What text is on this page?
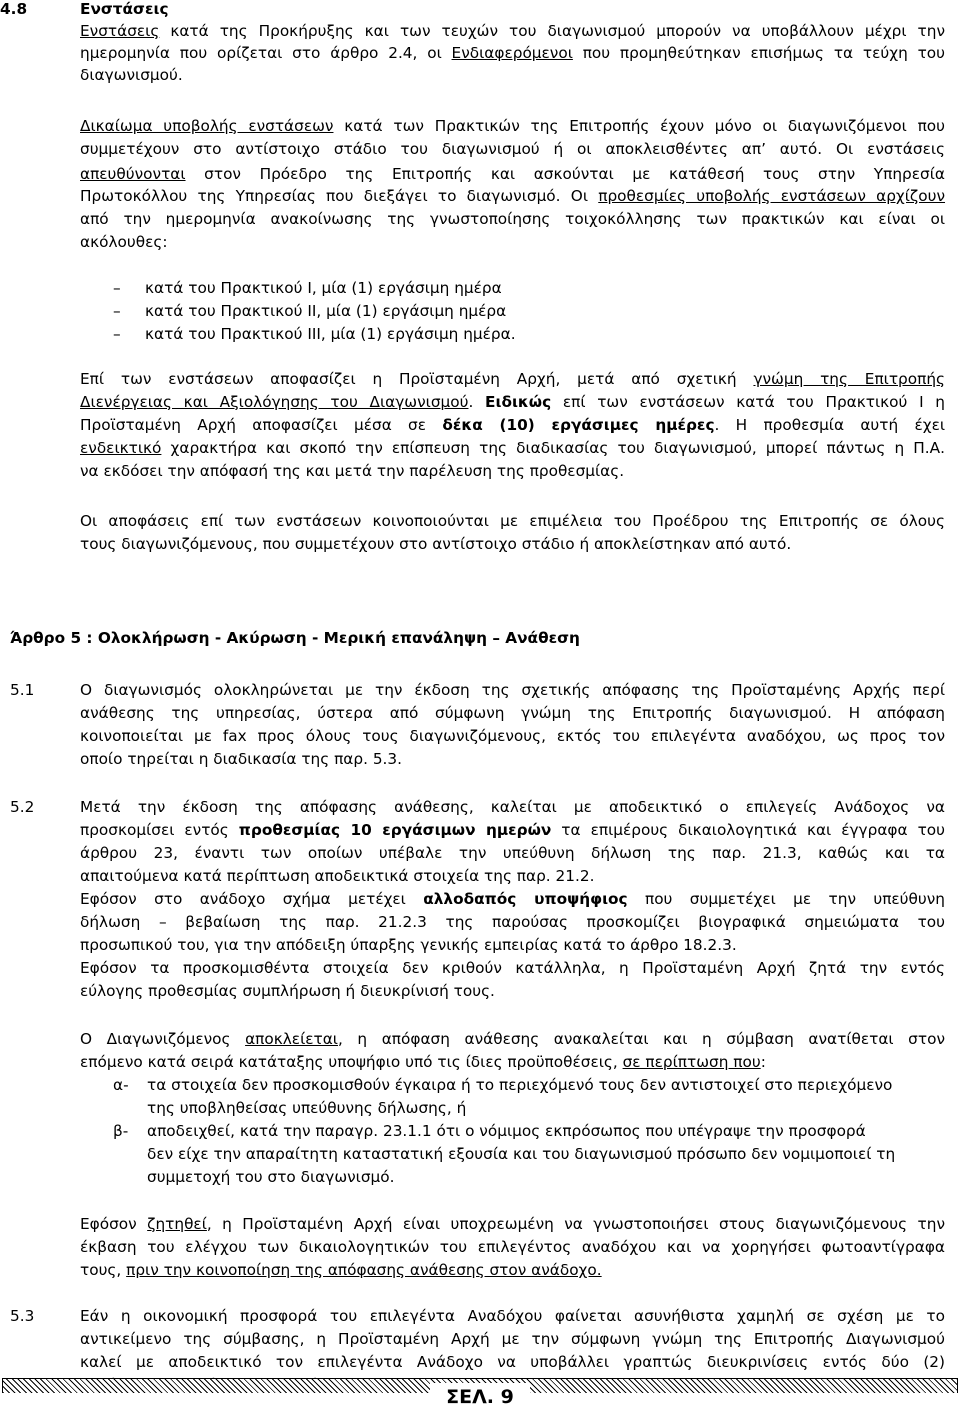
4.8	Ενστάσεις
Ενστάσεις κατά της Προκήρυξης και των τευχών του διαγωνισμού μπορούν να υποβάλλουν μέχρι την
ημερομηνία που ορίζεται στο άρθρο 2.4, οι Ενδιαφερόμενοι που προμηθεύτηκαν επισήμως τα τεύχη του
διαγωνισμού.
Δικαίωμα υποβολής ενστάσεων κατά των Πρακτικών της Επιτροπής έχουν μόνο οι διαγωνιζόμενοι που
συμμετέχουν στο αντίστοιχο στάδιο του διαγωνισμού ή οι αποκλεισθέντες απ’ αυτό. Οι ενστάσεις
απευθύνονται στον Πρόεδρο της Επιτροπής και ασκούνται με κατάθεσή τους στην Υπηρεσία
Πρωτοκόλλου της Υπηρεσίας που διεξάγει το διαγωνισμό. Οι προθεσμίες υποβολής ενστάσεων αρχίζουν
από την ημερομηνία ανακοίνωσης της γνωστοποίησης τοιχοκόλλησης των πρακτικών και είναι οι
ακόλουθες:
– κατά του Πρακτικού Ι, μία (1) εργάσιμη ημέρα
– κατά του Πρακτικού ΙΙ, μία (1) εργάσιμη ημέρα
– κατά του Πρακτικού ΙΙΙ, μία (1) εργάσιμη ημέρα.
Επί των ενστάσεων αποφασίζει η Προϊσταμένη Αρχή, μετά από σχετική γνώμη της Επιτροπής
Διενέργειας και Αξιολόγησης του Διαγωνισμού. Ειδικώς επί των ενστάσεων κατά του Πρακτικού Ι η
Προϊσταμένη Αρχή αποφασίζει μέσα σε δέκα (10) εργάσιμες ημέρες. Η προθεσμία αυτή έχει
ενδεικτικό χαρακτήρα και σκοπό την επίσπευση της διαδικασίας του διαγωνισμού, μπορεί πάντως η Π.Α.
να εκδόσει την απόφασή της και μετά την παρέλευση της προθεσμίας.
Οι αποφάσεις επί των ενστάσεων κοινοποιούνται με επιμέλεια του Προέδρου της Επιτροπής σε όλους
τους διαγωνιζόμενους, που συμμετέχουν στο αντίστοιχο στάδιο ή αποκλείστηκαν από αυτό.
Άρθρο 5 : Ολοκλήρωση - Ακύρωση - Μερική επανάληψη – Ανάθεση
5.1	Ο διαγωνισμός ολοκληρώνεται με την έκδοση της σχετικής απόφασης της Προϊσταμένης Αρχής περί
ανάθεσης της υπηρεσίας, ύστερα από σύμφωνη γνώμη της Επιτροπής διαγωνισμού. Η απόφαση
κοινοποιείται με fax προς όλους τους διαγωνιζόμενους, εκτός του επιλεγέντα αναδόχου, ως προς τον
οποίο τηρείται η διαδικασία της παρ. 5.3.
5.2	Μετά την έκδοση της απόφασης ανάθεσης, καλείται με αποδεικτικό ο επιλεγείς Ανάδοχος να
προσκομίσει εντός προθεσμίας 10 εργάσιμων ημερών τα επιμέρους δικαιολογητικά και έγγραφα του
άρθρου 23, έναντι των οποίων υπέβαλε την υπεύθυνη δήλωση της παρ. 21.3, καθώς και τα
απαιτούμενα κατά περίπτωση αποδεικτικά στοιχεία της παρ. 21.2.
Εφόσον στο ανάδοχο σχήμα μετέχει αλλοδαπός υποψήφιος που συμμετέχει με την υπεύθυνη
δήλωση – βεβαίωση της παρ. 21.2.3 της παρούσας προσκομίζει βιογραφικά σημειώματα του
προσωπικού του, για την απόδειξη ύπαρξης γενικής εμπειρίας κατά το άρθρο 18.2.3.
Εφόσον τα προσκομισθέντα στοιχεία δεν κριθούν κατάλληλα, η Προϊσταμένη Αρχή ζητά την εντός
εύλογης προθεσμίας συμπλήρωση ή διευκρίνισή τους.
Ο Διαγωνιζόμενος αποκλείεται, η απόφαση ανάθεσης ανακαλείται και η σύμβαση ανατίθεται στον
επόμενο κατά σειρά κατάταξης υποψήφιο υπό τις ίδιες προϋποθέσεις, σε περίπτωση που:
α- τα στοιχεία δεν προσκομισθούν έγκαιρα ή το περιεχόμενό τους δεν αντιστοιχεί στο περιεχόμενο
της υποβληθείσας υπεύθυνης δήλωσης, ή
β- αποδειχθεί, κατά την παραγρ. 23.1.1 ότι ο νόμιμος εκπρόσωπος που υπέγραψε την προσφορά
δεν είχε την απαραίτητη καταστατική εξουσία και του διαγωνισμού πρόσωπο δεν νομιμοποιεί τη
συμμετοχή του στο διαγωνισμό.
Εφόσον ζητηθεί, η Προϊσταμένη Αρχή είναι υποχρεωμένη να γνωστοποιήσει στους διαγωνιζόμενους την
έκβαση του ελέγχου των δικαιολογητικών του επιλεγέντος αναδόχου και να χορηγήσει φωτοαντίγραφα
τους, πριν την κοινοποίηση της απόφασης ανάθεσης στον ανάδοχο.
5.3	Εάν η οικονομική προσφορά του επιλεγέντα Αναδόχου φαίνεται ασυνήθιστα χαμηλή σε σχέση με το
αντικείμενο της σύμβασης, η Προϊσταμένη Αρχή με την σύμφωνη γνώμη της Επιτροπής Διαγωνισμού
καλεί με αποδεικτικό τον επιλεγέντα Ανάδοχο να υποβάλλει γραπτώς διευκρινίσεις εντός δύο (2)
ΣΕΛ. 9
